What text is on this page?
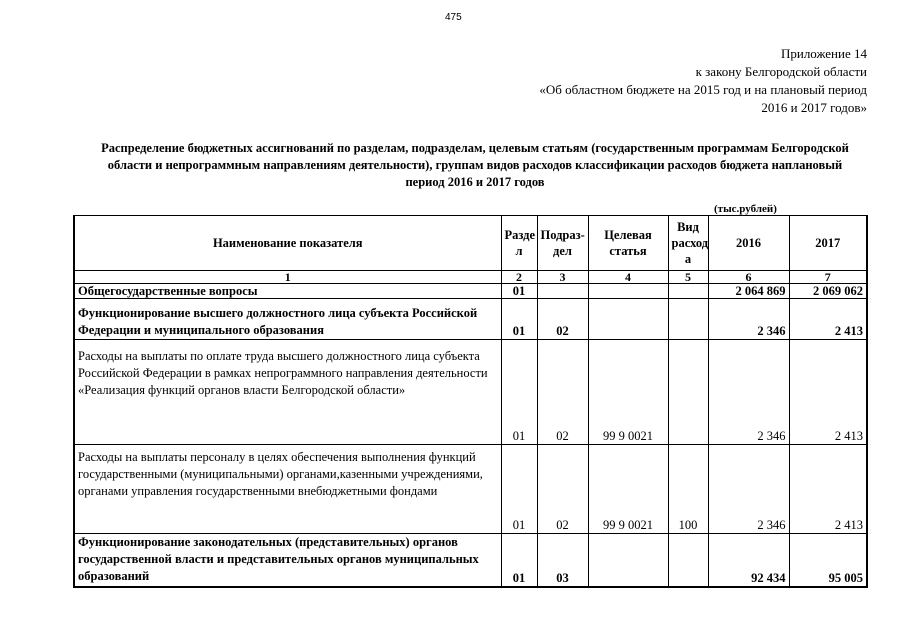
475
Приложение 14
к закону Белгородской области
«Об областном бюджете на 2015 год и на плановый период
2016 и 2017 годов»
Распределение бюджетных ассигнований по разделам, подразделам, целевым статьям (государственным программам Белгородской области и непрограммным направлениям деятельности), группам видов расходов классификации расходов бюджета наплановый период 2016 и 2017 годов
(тыс.рублей)
Наименование показателя	Разде л	Подраз- дел	Целевая статья	Вид расход а	2016	2017
1	2	3	4	5	6	7
Общегосударственные вопросы	01				2 064 869	2 069 062
Функционирование высшего должностного лица субъекта Российской Федерации и муниципального образования	01	02			2 346	2 413
Расходы на выплаты по оплате труда высшего должностного лица субъекта Российской Федерации в рамках непрограммного направления деятельности «Реализация функций органов власти Белгородской области»	01	02	99 9 0021		2 346	2 413
Расходы на выплаты персоналу в целях обеспечения выполнения функций государственными (муниципальными) органами,казенными учреждениями, органами управления государственными внебюджетными фондами	01	02	99 9 0021	100	2 346	2 413
Функционирование законодательных (представительных) органов государственной власти и представительных органов муниципальных образований	01	03			92 434	95 005
